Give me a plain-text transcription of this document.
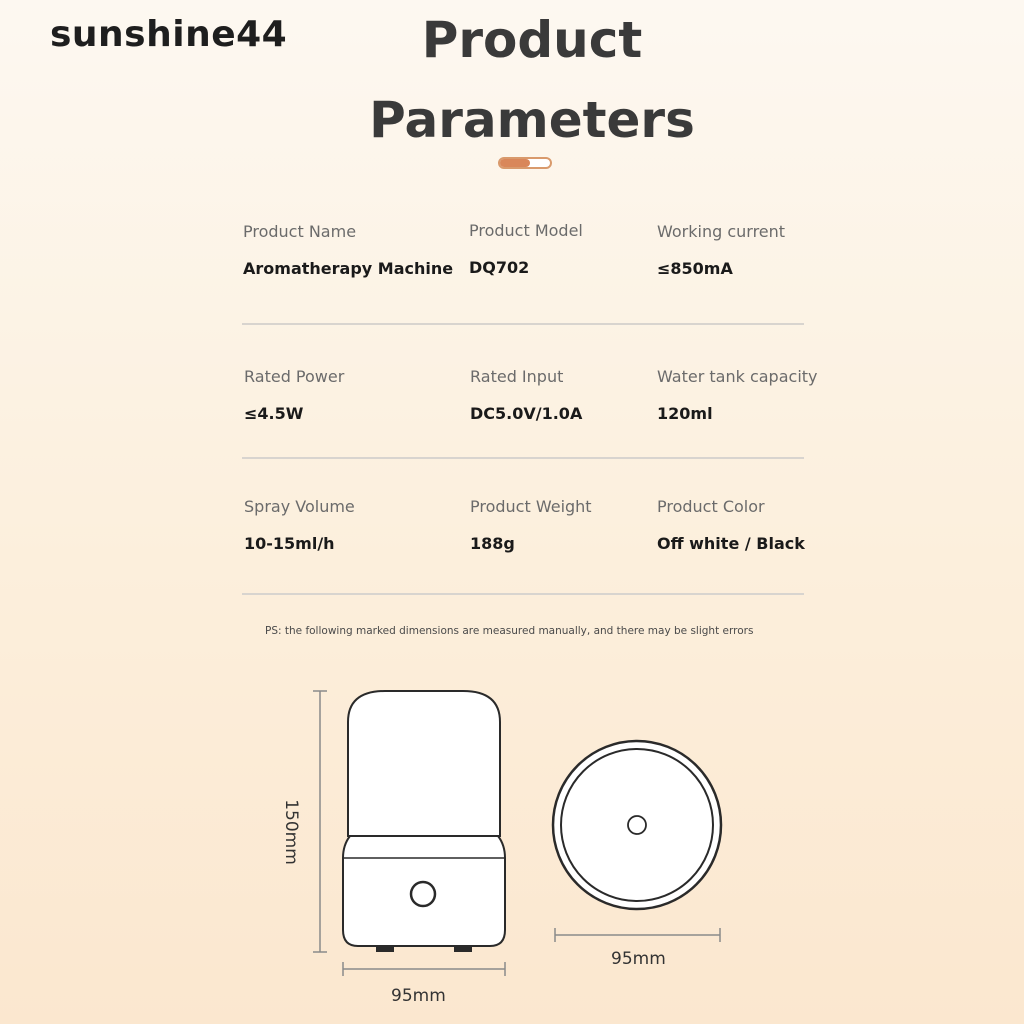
sunshine44	Product
Parameters
Product Name
Aromatherapy Machine
Product Model
DQ702
Working current
≤850mA
Rated Power
≤4.5W
Rated Input
DC5.0V/1.0A
Water tank capacity
120ml
Spray Volume
10-15ml/h
Product Weight
188g
Product Color
Off white / Black
PS: the following marked dimensions are measured manually, and there may be slight errors
150mm
95mm
95mm
